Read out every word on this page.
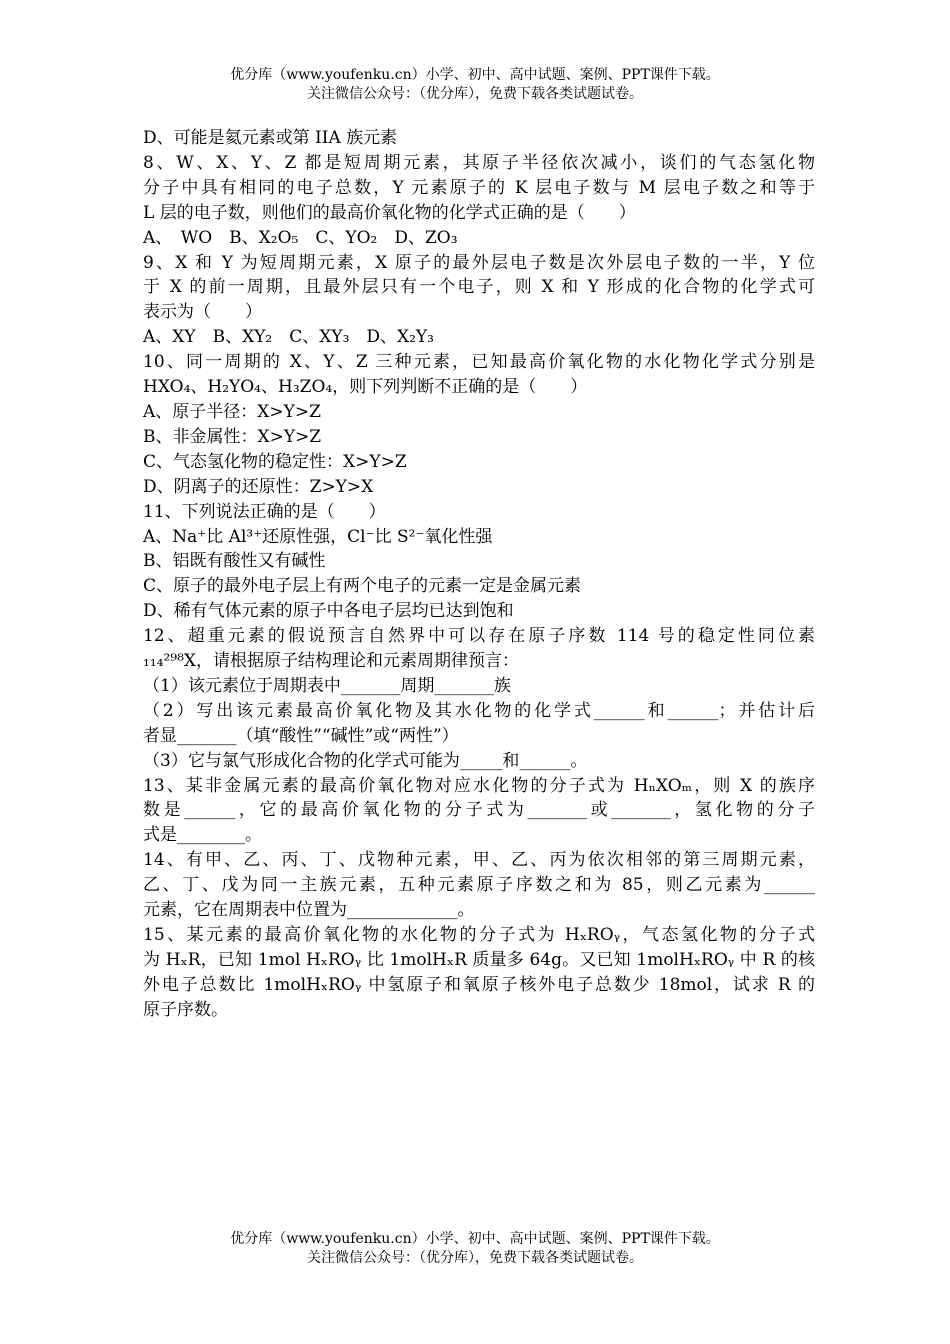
优分库（www.youfenku.cn）小学、初中、高中试题、案例、PPT课件下载。
关注微信公众号：（优分库），免费下载各类试题试卷。

D、可能是氦元素或第 IIA 族元素

8、W、X、Y、Z 都是短周期元素，其原子半径依次减小，谈们的气态氢化物

分子中具有相同的电子总数，Y 元素原子的 K 层电子数与 M 层电子数之和等于

L 层的电子数，则他们的最高价氧化物的化学式正确的是（　　）

A、　WO　B、X₂O₅　C、YO₂　D、ZO₃

9、X 和 Y 为短周期元素，X 原子的最外层电子数是次外层电子数的一半，Y 位

于 X 的前一周期，且最外层只有一个电子，则 X 和 Y 形成的化合物的化学式可

表示为（　　）

A、XY　B、XY₂　C、XY₃　D、X₂Y₃

10、同一周期的 X、Y、Z 三种元素，已知最高价氧化物的水化物化学式分别是

HXO₄、H₂YO₄、H₃ZO₄，则下列判断不正确的是（　　）

A、原子半径：X>Y>Z

B、非金属性：X>Y>Z

C、气态氢化物的稳定性：X>Y>Z

D、阴离子的还原性：Z>Y>X

11、下列说法正确的是（　　）

A、Na⁺比 Al³⁺还原性强，Cl⁻比 S²⁻氧化性强

B、铝既有酸性又有碱性

C、原子的最外电子层上有两个电子的元素一定是金属元素

D、稀有气体元素的原子中各电子层均已达到饱和

12、超重元素的假说预言自然界中可以存在原子序数 114 号的稳定性同位素

₁₁₄²⁹⁸X，请根据原子结构理论和元素周期律预言：

（1）该元素位于周期表中_______周期_______族

（2）写出该元素最高价氧化物及其水化物的化学式______和______；并估计后

者显_______（填“酸性”“碱性”或“两性”）

（3）它与氯气形成化合物的化学式可能为_____和______。

13、某非金属元素的最高价氧化物对应水化物的分子式为 HₙXOₘ，则 X 的族序

数是______，它的最高价氧化物的分子式为_______或_______，氢化物的分子

式是________。

14、有甲、乙、丙、丁、戊物种元素，甲、乙、丙为依次相邻的第三周期元素，

乙、丁、戊为同一主族元素，五种元素原子序数之和为 85，则乙元素为______

元素，它在周期表中位置为_____________。

15、某元素的最高价氧化物的水化物的分子式为 HₓROᵧ，气态氢化物的分子式

为 HₓR，已知 1mol HₓROᵧ 比 1molHₓR 质量多 64g。又已知 1molHₓROᵧ 中 R 的核

外电子总数比 1molHₓROᵧ 中氢原子和氧原子核外电子总数少 18mol，试求 R 的

原子序数。

优分库（www.youfenku.cn）小学、初中、高中试题、案例、PPT课件下载。
关注微信公众号：（优分库），免费下载各类试题试卷。
